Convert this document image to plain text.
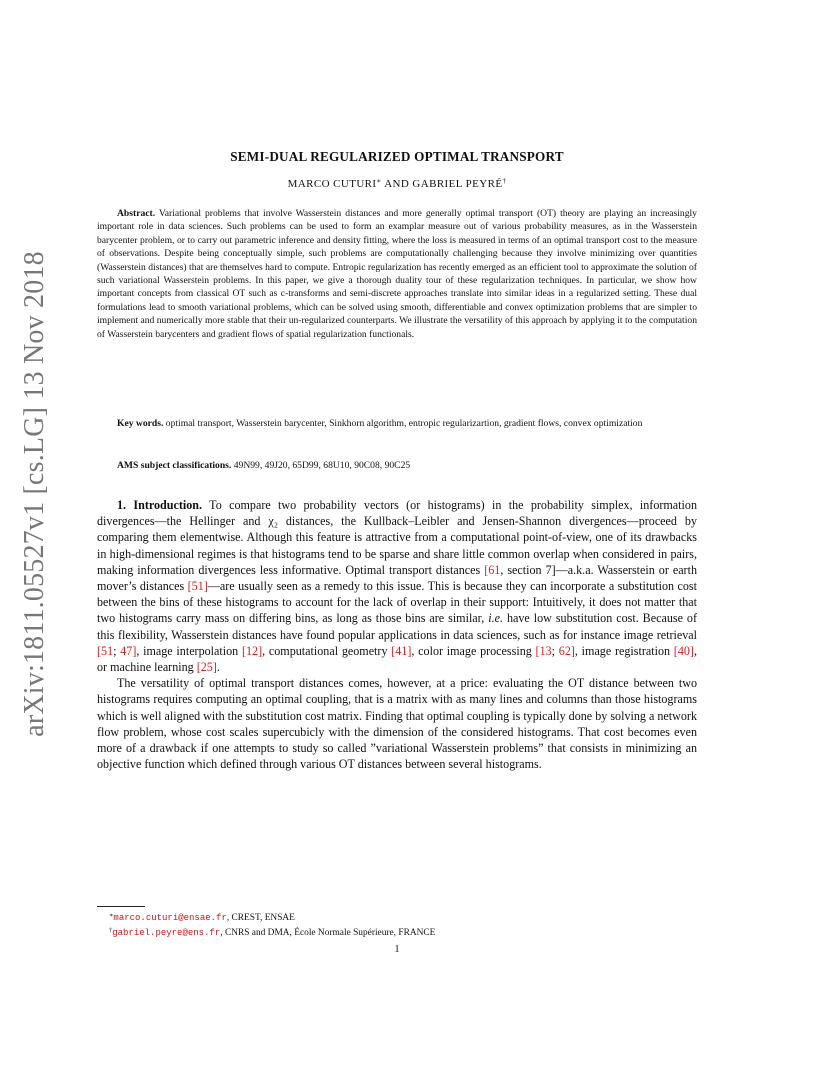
arXiv:1811.05527v1 [cs.LG] 13 Nov 2018
SEMI-DUAL REGULARIZED OPTIMAL TRANSPORT
MARCO CUTURI∗ AND GABRIEL PEYRÉ†
Abstract. Variational problems that involve Wasserstein distances and more generally optimal transport (OT) theory are playing an increasingly important role in data sciences. Such problems can be used to form an examplar measure out of various probability measures, as in the Wasserstein barycenter problem, or to carry out parametric inference and density fitting, where the loss is measured in terms of an optimal transport cost to the measure of observations. Despite being conceptually simple, such problems are computationally challenging because they involve minimizing over quantities (Wasserstein distances) that are themselves hard to compute. Entropic regularization has recently emerged as an efficient tool to approximate the solution of such variational Wasserstein problems. In this paper, we give a thorough duality tour of these regularization techniques. In particular, we show how important concepts from classical OT such as c-transforms and semi-discrete approaches translate into similar ideas in a regularized setting. These dual formulations lead to smooth variational problems, which can be solved using smooth, differentiable and convex optimization problems that are simpler to implement and numerically more stable that their un-regularized counterparts. We illustrate the versatility of this approach by applying it to the computation of Wasserstein barycenters and gradient flows of spatial regularization functionals.
Key words. optimal transport, Wasserstein barycenter, Sinkhorn algorithm, entropic regularizartion, gradient flows, convex optimization
AMS subject classifications. 49N99, 49J20, 65D99, 68U10, 90C08, 90C25

1. Introduction. To compare two probability vectors (or histograms) in the probability simplex, information divergences—the Hellinger and χ₂ distances, the Kullback–Leibler and Jensen-Shannon divergences—proceed by comparing them elementwise. Although this feature is attractive from a computational point-of-view, one of its drawbacks in high-dimensional regimes is that histograms tend to be sparse and share little common overlap when considered in pairs, making information divergences less informative. Optimal transport distances [61, section 7]—a.k.a. Wasserstein or earth mover’s distances [51]—are usually seen as a remedy to this issue. This is because they can incorporate a substitution cost between the bins of these histograms to account for the lack of overlap in their support: Intuitively, it does not matter that two histograms carry mass on differing bins, as long as those bins are similar, i.e. have low substitution cost. Because of this flexibility, Wasserstein distances have found popular applications in data sciences, such as for instance image retrieval [51; 47], image interpolation [12], computational geometry [41], color image processing [13; 62], image registration [40], or machine learning [25].

The versatility of optimal transport distances comes, however, at a price: evaluating the OT distance between two histograms requires computing an optimal coupling, that is a matrix with as many lines and columns than those histograms which is well aligned with the substitution cost matrix. Finding that optimal coupling is typically done by solving a network flow problem, whose cost scales supercubicly with the dimension of the considered histograms. That cost becomes even more of a drawback if one attempts to study so called ”variational Wasserstein problems” that consists in minimizing an objective function which defined through various OT distances between several histograms.

∗marco.cuturi@ensae.fr, CREST, ENSAE
†gabriel.peyre@ens.fr, CNRS and DMA, École Normale Supérieure, FRANCE
1
